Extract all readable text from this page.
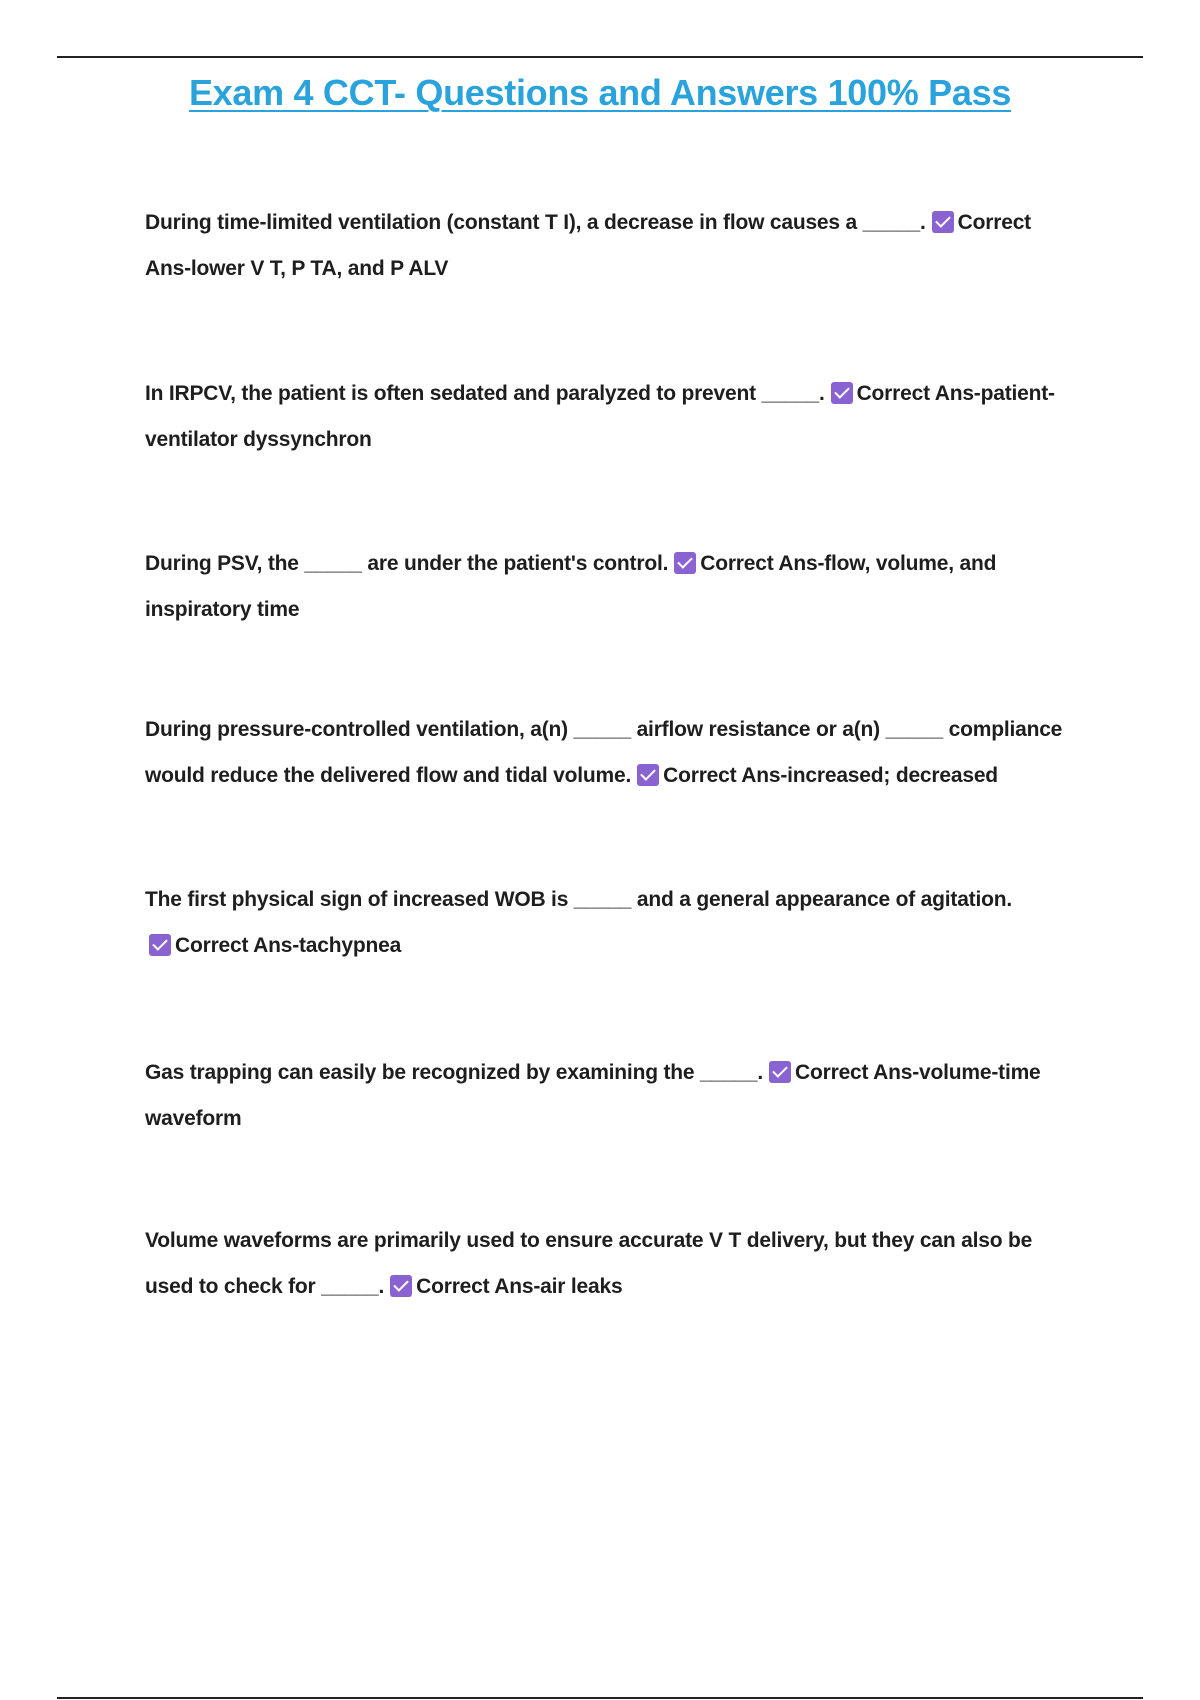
Exam 4 CCT- Questions and Answers 100% Pass
During time-limited ventilation (constant T I), a decrease in flow causes a _____. Correct
Ans-lower V T, P TA, and P ALV
In IRPCV, the patient is often sedated and paralyzed to prevent _____. Correct Ans-patient-
ventilator dyssynchron
During PSV, the _____ are under the patient's control. Correct Ans-flow, volume, and
inspiratory time
During pressure-controlled ventilation, a(n) _____ airflow resistance or a(n) _____ compliance
would reduce the delivered flow and tidal volume. Correct Ans-increased; decreased
The first physical sign of increased WOB is _____ and a general appearance of agitation.
Correct Ans-tachypnea
Gas trapping can easily be recognized by examining the _____. Correct Ans-volume-time
waveform
Volume waveforms are primarily used to ensure accurate V T delivery, but they can also be
used to check for _____. Correct Ans-air leaks
